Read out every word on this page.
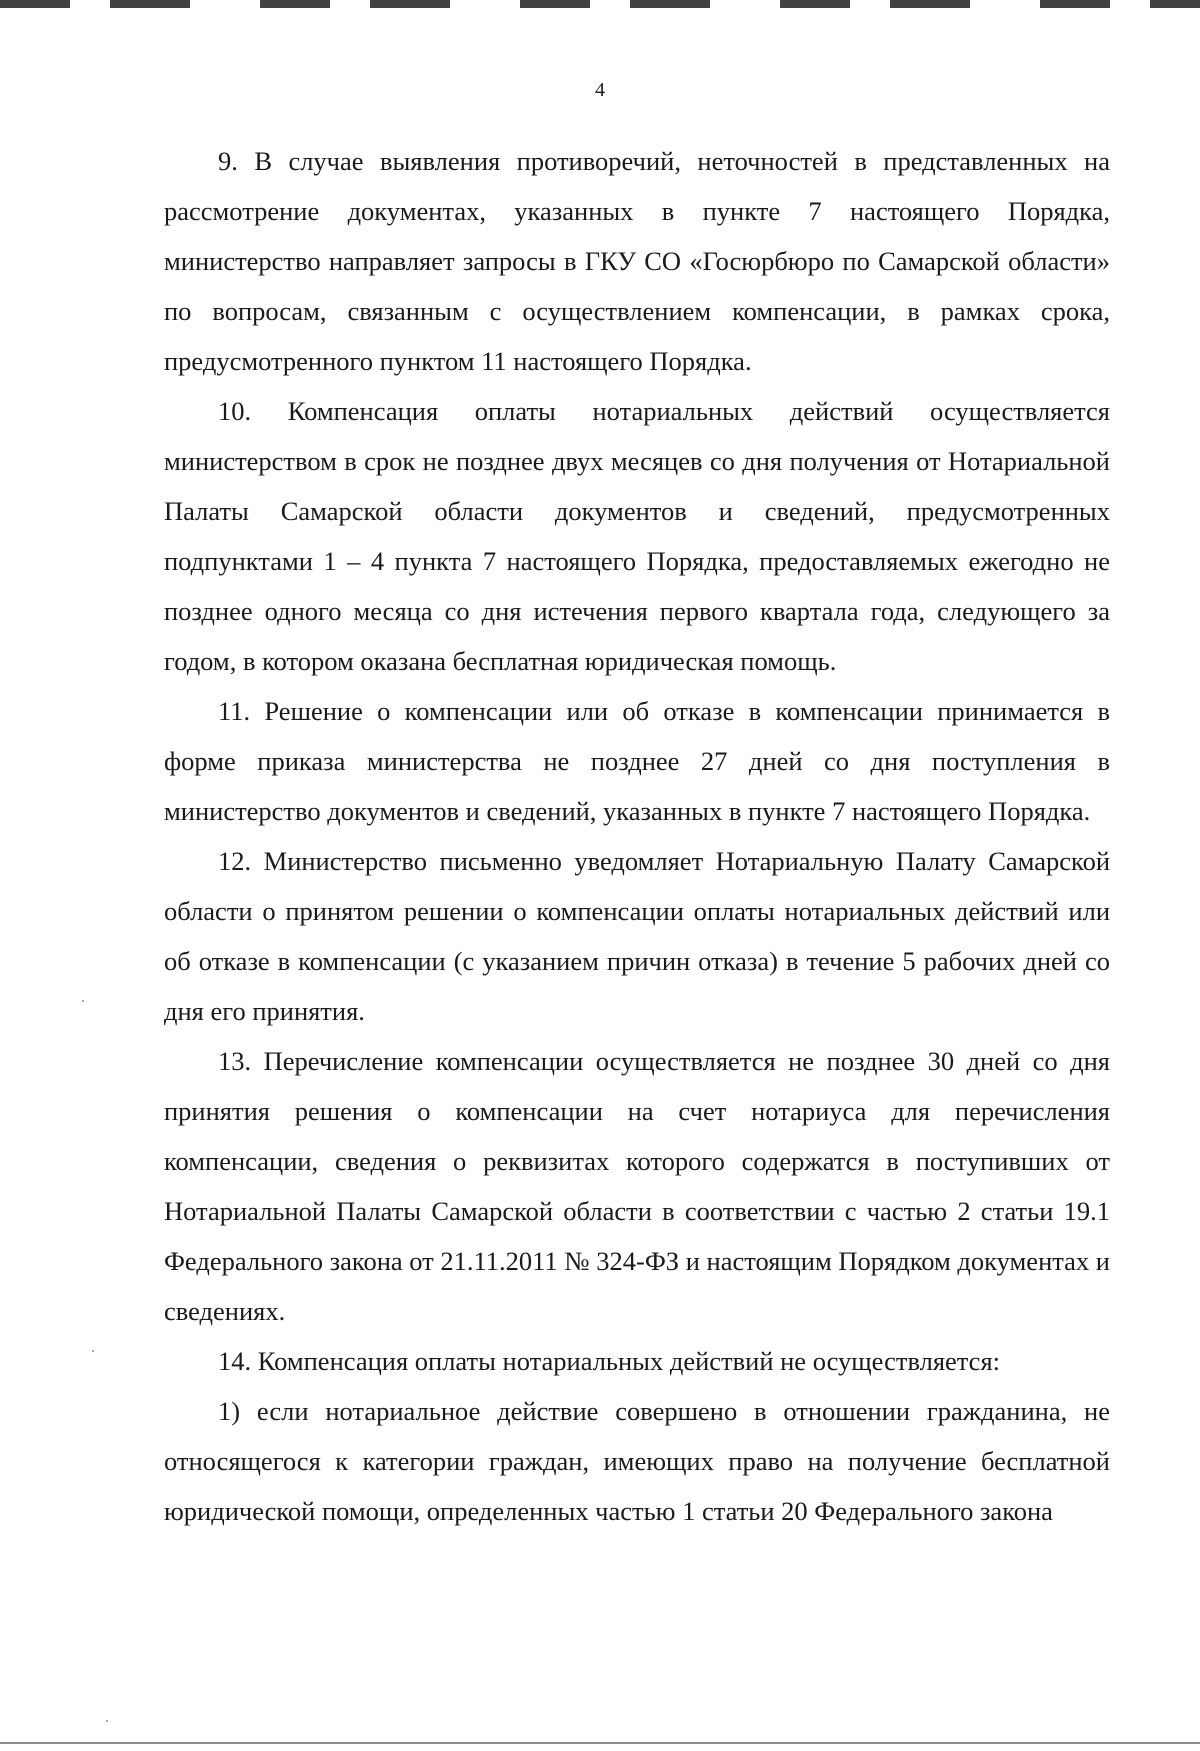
4

9. В случае выявления противоречий, неточностей в представленных на рассмотрение документах, указанных в пункте 7 настоящего Порядка, министерство направляет запросы в ГКУ СО «Госюрбюро по Самарской области» по вопросам, связанным с осуществлением компенсации, в рамках срока, предусмотренного пунктом 11 настоящего Порядка.

10. Компенсация оплаты нотариальных действий осуществляется министерством в срок не позднее двух месяцев со дня получения от Нотариальной Палаты Самарской области документов и сведений, предусмотренных подпунктами 1 – 4 пункта 7 настоящего Порядка, предоставляемых ежегодно не позднее одного месяца со дня истечения первого квартала года, следующего за годом, в котором оказана бесплатная юридическая помощь.

11. Решение о компенсации или об отказе в компенсации принимается в форме приказа министерства не позднее 27 дней со дня поступления в министерство документов и сведений, указанных в пункте 7 настоящего Порядка.

12. Министерство письменно уведомляет Нотариальную Палату Самарской области о принятом решении о компенсации оплаты нотариальных действий или об отказе в компенсации (с указанием причин отказа) в течение 5 рабочих дней со дня его принятия.

13. Перечисление компенсации осуществляется не позднее 30 дней со дня принятия решения о компенсации на счет нотариуса для перечисления компенсации, сведения о реквизитах которого содержатся в поступивших от Нотариальной Палаты Самарской области в соответствии с частью 2 статьи 19.1 Федерального закона от 21.11.2011 № 324-ФЗ и настоящим Порядком документах и сведениях.

14. Компенсация оплаты нотариальных действий не осуществляется:

1) если нотариальное действие совершено в отношении гражданина, не относящегося к категории граждан, имеющих право на получение бесплатной юридической помощи, определенных частью 1 статьи 20 Федерального закона
